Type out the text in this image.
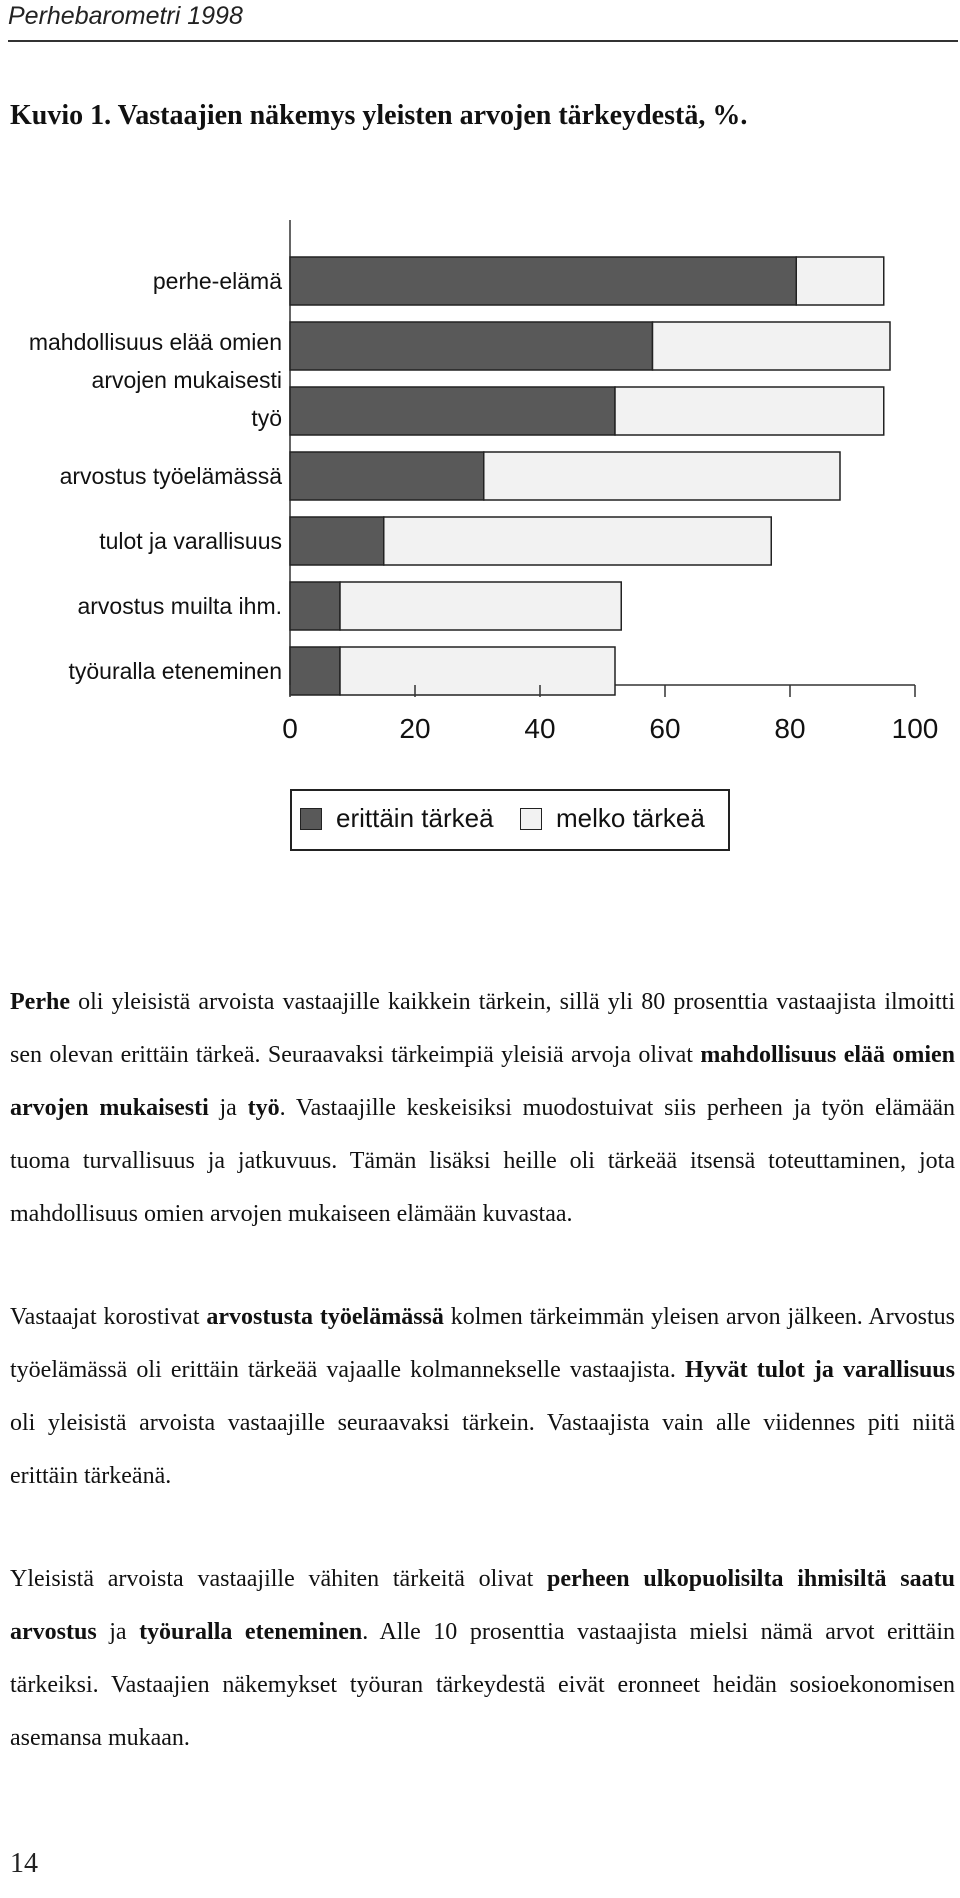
Perhebarometri 1998
Kuvio 1. Vastaajien näkemys yleisten arvojen tärkeydestä, %.
perhe-elämä
mahdollisuus elää omien
arvojen mukaisesti
työ
arvostus työelämässä
tulot ja varallisuus
arvostus muilta ihm.
työuralla eteneminen
0	20	40	60	80	100
erittäin tärkeä melko tärkeä

Perhe oli yleisistä arvoista vastaajille kaikkein tärkein, sillä yli 80 prosenttia vastaajista ilmoitti sen olevan erittäin tärkeä. Seuraavaksi tärkeimpiä yleisiä arvoja olivat mahdollisuus elää omien arvojen mukaisesti ja työ. Vastaajille keskeisiksi muodostuivat siis perheen ja työn elämään tuoma turvallisuus ja jatkuvuus. Tämän lisäksi heille oli tärkeää itsensä toteuttaminen, jota mahdollisuus omien arvojen mukaiseen elämään kuvastaa.

Vastaajat korostivat arvostusta työelämässä kolmen tärkeimmän yleisen arvon jälkeen. Arvostus työelämässä oli erittäin tärkeää vajaalle kolmannekselle vastaajista. Hyvät tulot ja varallisuus oli yleisistä arvoista vastaajille seuraavaksi tärkein. Vastaajista vain alle viidennes piti niitä erittäin tärkeänä.

Yleisistä arvoista vastaajille vähiten tärkeitä olivat perheen ulkopuolisilta ihmisiltä saatu arvostus ja työuralla eteneminen. Alle 10 prosenttia vastaajista mielsi nämä arvot erittäin tärkeiksi. Vastaajien näkemykset työuran tärkeydestä eivät eronneet heidän sosioekonomisen asemansa mukaan.

14
